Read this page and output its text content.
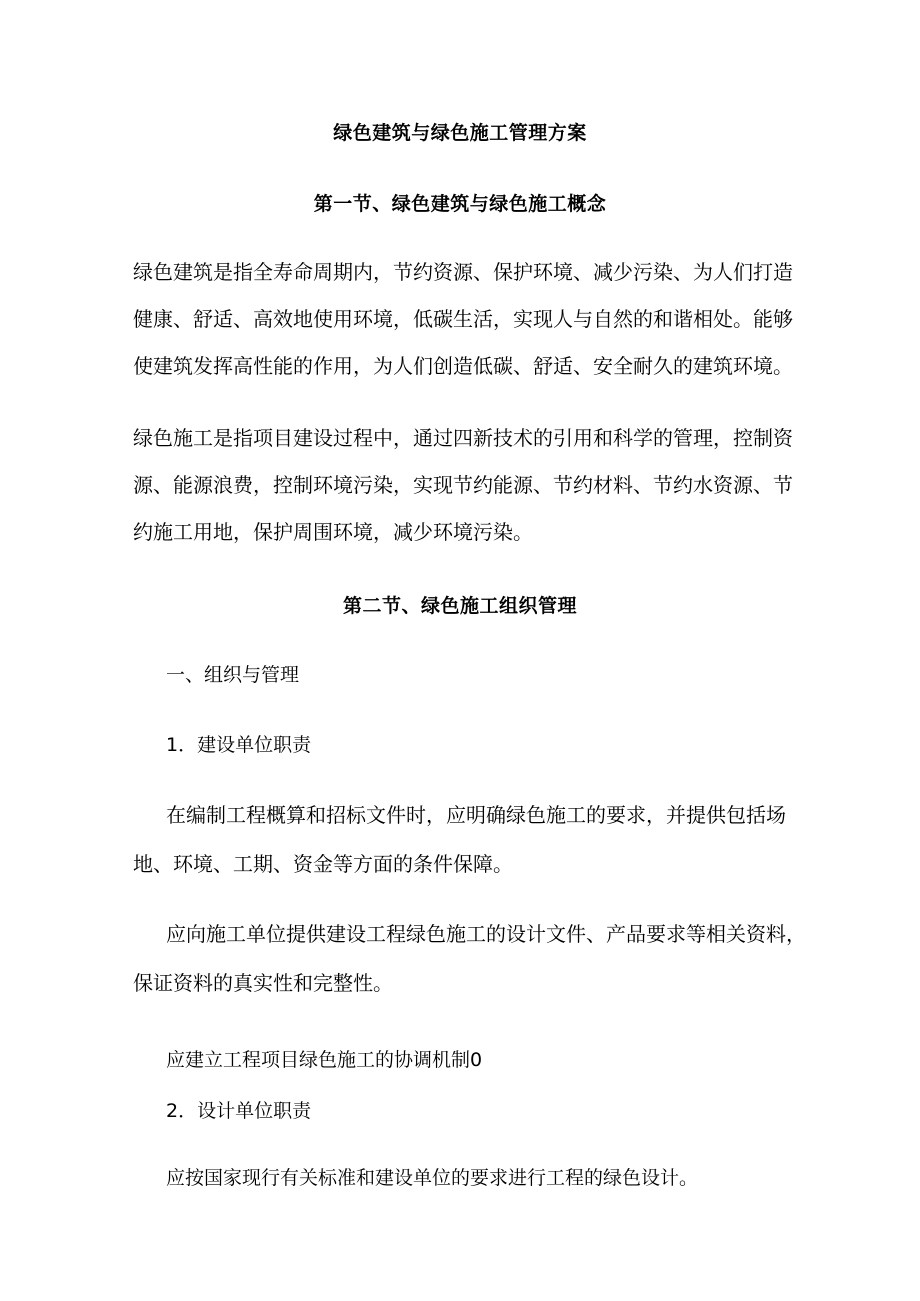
绿色建筑与绿色施工管理方案
第一节、绿色建筑与绿色施工概念
绿色建筑是指全寿命周期内，节约资源、保护环境、减少污染、为人们打造
健康、舒适、高效地使用环境，低碳生活，实现人与自然的和谐相处。能够
使建筑发挥高性能的作用，为人们创造低碳、舒适、安全耐久的建筑环境。
绿色施工是指项目建设过程中，通过四新技术的引用和科学的管理，控制资
源、能源浪费，控制环境污染，实现节约能源、节约材料、节约水资源、节
约施工用地，保护周围环境，减少环境污染。
第二节、绿色施工组织管理
一、组织与管理
1．建设单位职责
在编制工程概算和招标文件时，应明确绿色施工的要求，并提供包括场
地、环境、工期、资金等方面的条件保障。
应向施工单位提供建设工程绿色施工的设计文件、产品要求等相关资料，
保证资料的真实性和完整性。
应建立工程项目绿色施工的协调机制0
2．设计单位职责
应按国家现行有关标准和建设单位的要求进行工程的绿色设计。
